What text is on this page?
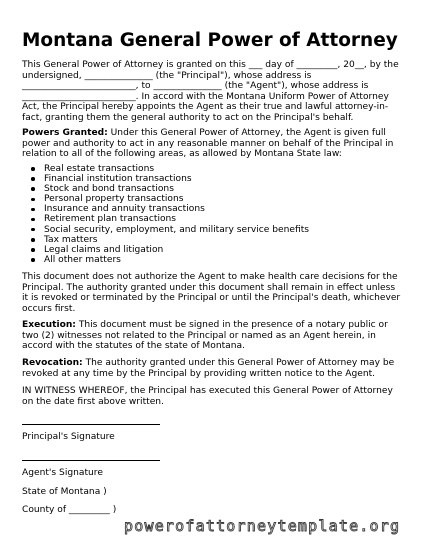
Montana General Power of Attorney

This General Power of Attorney is granted on this ___ day of _________, 20__, by the undersigned, _______________ (the "Principal"), whose address is _________________________, to _______________ (the "Agent"), whose address is _________________________. In accord with the Montana Uniform Power of Attorney Act, the Principal hereby appoints the Agent as their true and lawful attorney-in-fact, granting them the general authority to act on the Principal's behalf.

Powers Granted: Under this General Power of Attorney, the Agent is given full power and authority to act in any reasonable manner on behalf of the Principal in relation to all of the following areas, as allowed by Montana State law:

Real estate transactions
Financial institution transactions
Stock and bond transactions
Personal property transactions
Insurance and annuity transactions
Retirement plan transactions
Social security, employment, and military service benefits
Tax matters
Legal claims and litigation
All other matters

This document does not authorize the Agent to make health care decisions for the Principal. The authority granted under this document shall remain in effect unless it is revoked or terminated by the Principal or until the Principal's death, whichever occurs first.

Execution: This document must be signed in the presence of a notary public or two (2) witnesses not related to the Principal or named as an Agent herein, in accord with the statutes of the state of Montana.

Revocation: The authority granted under this General Power of Attorney may be revoked at any time by the Principal by providing written notice to the Agent.

IN WITNESS WHEREOF, the Principal has executed this General Power of Attorney on the date first above written.

Principal's Signature

Agent's Signature

State of Montana )

County of _________ )

powerofattorneytemplate.org
